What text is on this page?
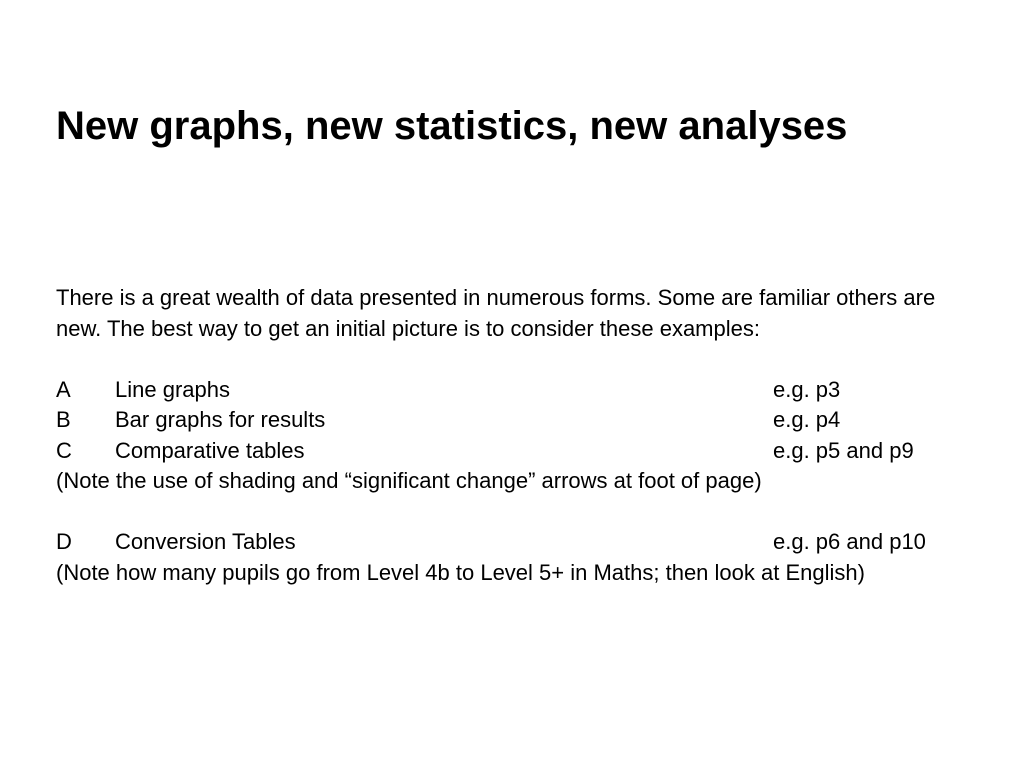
New graphs, new statistics, new analyses

There is a great wealth of data presented in numerous forms. Some are familiar others are new. The best way to get an initial picture is to consider these examples:

A Line graphs	e.g. p3
B Bar graphs for results	e.g. p4
C Comparative tables	e.g. p5 and p9

(Note the use of shading and “significant change” arrows at foot of page)

D Conversion Tables	e.g. p6 and p10

(Note how many pupils go from Level 4b to Level 5+ in Maths; then look at English)
